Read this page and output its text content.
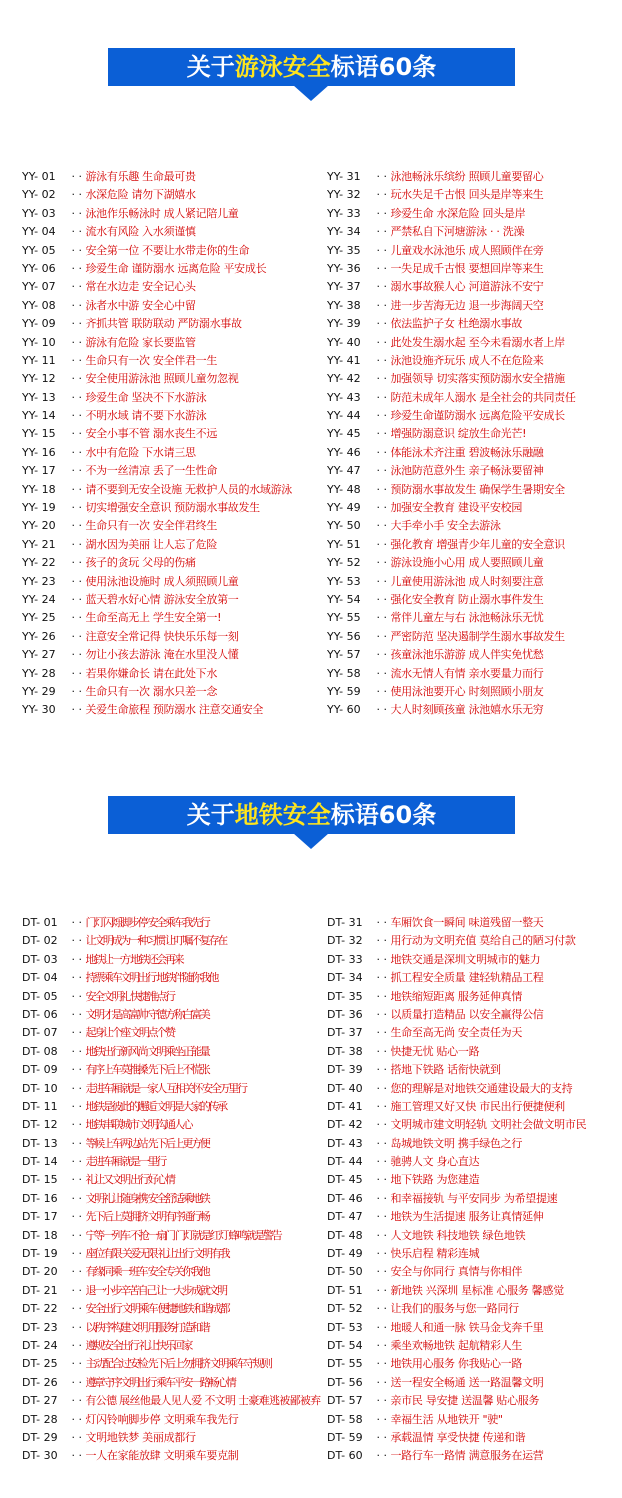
关于游泳安全标语60条
YY- 01 · · 游泳有乐趣 生命最可贵
YY- 02 · · 水深危险 请勿下湖嬉水
YY- 03 · · 泳池作乐畅泳时 成人紧记陪儿童
YY- 04 · · 流水有风险 入水须谨慎
YY- 05 · · 安全第一位 不要让水带走你的生命
YY- 06 · · 珍爱生命 谨防溺水 远离危险 平安成长
YY- 07 · · 常在水边走 安全记心头
YY- 08 · · 泳者水中游 安全心中留
YY- 09 · · 齐抓共管 联防联动 严防溺水事故
YY- 10 · · 游泳有危险 家长要监管
YY- 11 · · 生命只有一次 安全伴君一生
YY- 12 · · 安全使用游泳池 照顾儿童勿忽视
YY- 13 · · 珍爱生命 坚决不下水游泳
YY- 14 · · 不明水域 请不要下水游泳
YY- 15 · · 安全小事不管 溺水丧生不远
YY- 16 · · 水中有危险 下水请三思
YY- 17 · · 不为一丝清凉 丢了一生性命
YY- 18 · · 请不要到无安全设施 无救护人员的水域游泳
YY- 19 · · 切实增强安全意识 预防溺水事故发生
YY- 20 · · 生命只有一次 安全伴君终生
YY- 21 · · 湖水因为美丽 让人忘了危险
YY- 22 · · 孩子的贪玩 父母的伤痛
YY- 23 · · 使用泳池设施时 成人须照顾儿童
YY- 24 · · 蓝天碧水好心情 游泳安全放第一
YY- 25 · · 生命至高无上 学生安全第一!
YY- 26 · · 注意安全常记得 快快乐乐每一刻
YY- 27 · · 勿让小孩去游泳 淹在水里没人懂
YY- 28 · · 若果你嫌命长 请在此处下水
YY- 29 · · 生命只有一次 溺水只差一念
YY- 30 · · 关爱生命旅程 预防溺水 注意交通安全
YY- 31 · · 泳池畅泳乐缤纷 照顾儿童要留心
YY- 32 · · 玩水失足千古恨 回头是岸等来生
YY- 33 · · 珍爱生命 水深危险 回头是岸
YY- 34 · · 严禁私自下河塘游泳 · · 洗澡
YY- 35 · · 儿童戏水泳池乐 成人照顾伴在旁
YY- 36 · · 一失足成千古恨 要想回岸等来生
YY- 37 · · 溺水事故猴人心 河道游泳不安宁
YY- 38 · · 进一步苦海无边 退一步海阔天空
YY- 39 · · 依法监护子女 杜绝溺水事故
YY- 40 · · 此处发生溺水起 至今未看溺水者上岸
YY- 41 · · 泳池设施齐玩乐 成人不在危险来
YY- 42 · · 加强领导 切实落实预防溺水安全措施
YY- 43 · · 防范未成年人溺水 是全社会的共同责任
YY- 44 · · 珍爱生命谨防溺水 远离危险平安成长
YY- 45 · · 增强防溺意识 绽放生命光芒!
YY- 46 · · 体能泳术齐注重 碧波畅泳乐融融
YY- 47 · · 泳池防范意外生 亲子畅泳要留神
YY- 48 · · 预防溺水事故发生 确保学生暑期安全
YY- 49 · · 加强安全教育 建设平安校园
YY- 50 · · 大手牵小手 安全去游泳
YY- 51 · · 强化教育 增强青少年儿童的安全意识
YY- 52 · · 游泳设施小心用 成人要照顾儿童
YY- 53 · · 儿童使用游泳池 成人时刻要注意
YY- 54 · · 强化安全教育 防止溺水事件发生
YY- 55 · · 常伴儿童左与右 泳池畅泳乐无忧
YY- 56 · · 严密防范 坚决遏制学生溺水事故发生
YY- 57 · · 孩童泳池乐游游 成人伴实免忧愁
YY- 58 · · 流水无情人有情 亲水要量力而行
YY- 59 · · 使用泳池要开心 时刻照顾小朋友
YY- 60 · · 大人时刻顾孩童 泳池嬉水乐无穷
关于地铁安全标语60条
DT- 01 · · 门灯闪烁脚步停 安全乘车我先行
DT- 02 · · 让文明成为一种习惯 让叮嘱不复存在
DT- 03 · · 地铁让一方 地铁还会再来
DT- 04 · · 持票乘车文明出行 地铁伴随你我他
DT- 05 · · 安全文明礼 快捷准点行
DT- 06 · · 文明才是高富帅 守德方称白富美
DT- 07 · · 起身让个座 文明点个赞
DT- 08 · · 地铁出行新风尚 文明乘坐正能量
DT- 09 · · 有序上车莫推搡 先下后上不慌张
DT- 10 · · 走进车厢 就是一家人 互相关怀 安全万里行
DT- 11 · · 地铁是彼此的邂逅 文明是大家的传承
DT- 12 · · 地铁串联城市 文明沟通人心
DT- 13 · · 等候上车两边站 先下后上更方便
DT- 14 · · 走进车厢 就是一里行
DT- 15 · · 礼让又文明 出行好心情
DT- 16 · · 文明礼让随身携 安全舒适乘地铁
DT- 17 · · 先下后上莫拥挤 文明有序通行畅
DT- 18 · · 宁等一列车 不抢一扇门 门灯就是红灯 蜂鸣就是警告
DT- 19 · · 座位有限 关爱无限 礼让出行 文明有我
DT- 20 · · 有缘同乘一班车 安全专关你我他
DT- 21 · · 退一小步辛苦自己 让一大步成就文明
DT- 22 · · 安全出行 文明乘车 便捷地铁 和谐成都
DT- 23 · · 以秩序构建文明 用服务打造和谐
DT- 24 · · 遵规安全出行 礼让快乐回家
DT- 25 · · 主动配合过安检 先下后上勿拥挤 文明乘车守规则
DT- 26 · · 遵章守序文明出行 乘车平安一路畅心情
DT- 27 · · 有公德 展丝他最人见人爱 不文明 士豪难逃被鄙被弃
DT- 28 · · 灯闪铃响脚步停 文明乘车我先行
DT- 29 · · 文明地铁梦 美丽成都行
DT- 30 · · 一人在家能放肆 文明乘车要克制
DT- 31 · · 车厢饮食一瞬间 味道残留一整天
DT- 32 · · 用行动为文明充值 莫给自己的陋习付款
DT- 33 · · 地铁交通是深圳文明城市的魅力
DT- 34 · · 抓工程安全质量 建轻轨精品工程
DT- 35 · · 地铁缩短距离 服务延伸真情
DT- 36 · · 以质量打造精品 以安全赢得公信
DT- 37 · · 生命至高无尚 安全责任为天
DT- 38 · · 快捷无忧 贴心一路
DT- 39 · · 搭地下铁路 话衔快就到
DT- 40 · · 您的理解是对地铁交通建设最大的支持
DT- 41 · · 施工管理又好又快 市民出行便捷便利
DT- 42 · · 文明城市建文明轻轨 文明社会做文明市民
DT- 43 · · 岛城地铁文明 携手绿色之行
DT- 44 · · 驰骋人文 身心直达
DT- 45 · · 地下铁路 为您建造
DT- 46 · · 和幸福接轨 与平安同步 为希望提速
DT- 47 · · 地铁为生活提速 服务让真情延伸
DT- 48 · · 人文地铁 科技地铁 绿色地铁
DT- 49 · · 快乐启程 精彩连城
DT- 50 · · 安全与你同行 真情与你相伴
DT- 51 · · 新地铁 兴深圳 星标准 心服务 馨感觉
DT- 52 · · 让我们的服务与您一路同行
DT- 53 · · 地暖人和通一脉 铁马金戈奔千里
DT- 54 · · 乘坐欢畅地铁 起航精彩人生
DT- 55 · · 地铁用心服务 你我贴心一路
DT- 56 · · 送一程安全畅通 送一路温馨文明
DT- 57 · · 亲市民 导安捷 送温馨 贴心服务
DT- 58 · · 幸福生活 从地铁开 "驶"
DT- 59 · · 承载温情 享受快捷 传递和谐
DT- 60 · · 一路行车一路情 满意服务在运营
